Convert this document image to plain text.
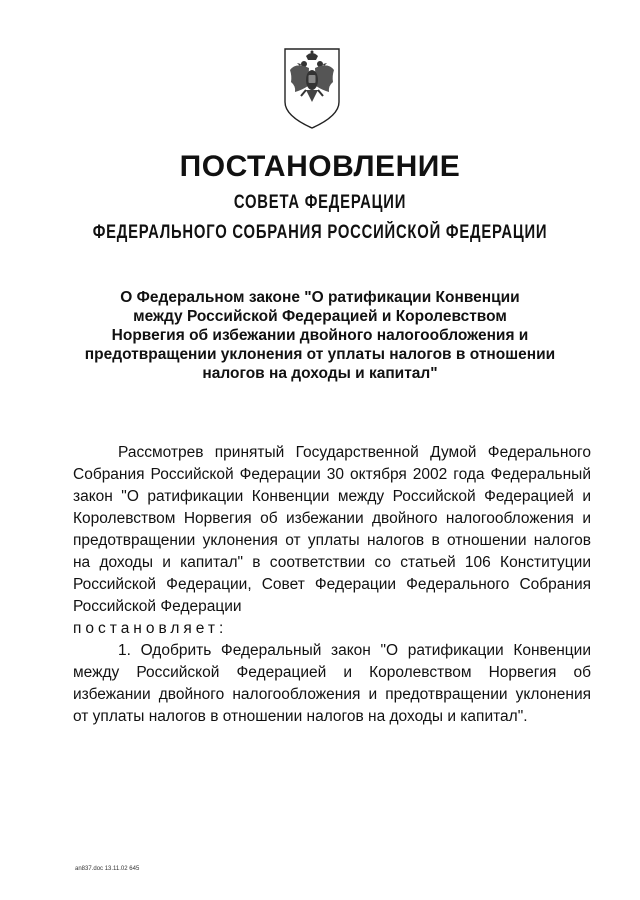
ПОСТАНОВЛЕНИЕ
СОВЕТА ФЕДЕРАЦИИ
ФЕДЕРАЛЬНОГО СОБРАНИЯ РОССИЙСКОЙ ФЕДЕРАЦИИ
О Федеральном законе "О ратификации Конвенции
между Российской Федерацией и Королевством
Норвегия об избежании двойного налогообложения и
предотвращении уклонения от уплаты налогов в отношении
налогов на доходы и капитал"
Рассмотрев принятый Государственной Думой Федерального Собрания Российской Федерации 30 октября 2002 года Федеральный закон "О ратификации Конвенции между Российской Федерацией и Королевством Норвегия об избежании двойного налогообложения и предотвращении уклонения от уплаты налогов в отношении налогов на доходы и капитал" в соответствии со статьей 106 Конституции Российской Федерации, Совет Федерации Федерального Собрания Российской Федерации
постановляет:
1. Одобрить Федеральный закон "О ратификации Конвенции между Российской Федерацией и Королевством Норвегия об избежании двойного налогообложения и предотвращении уклонения от уплаты налогов в отношении налогов на доходы и капитал".
an837.doc 13.11.02 645
